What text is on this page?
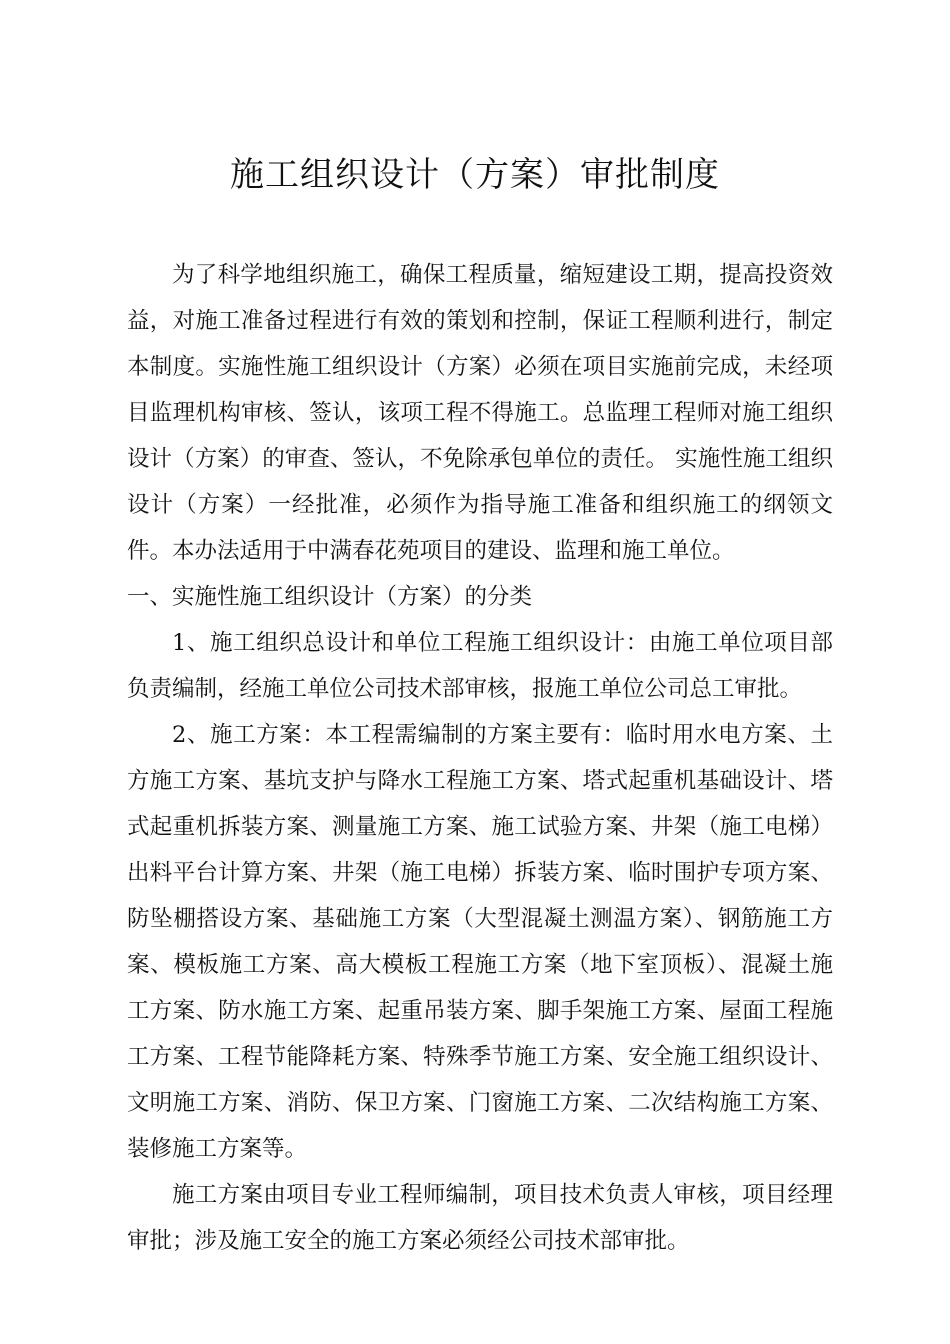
施工组织设计（方案）审批制度

为了科学地组织施工，确保工程质量，缩短建设工期，提高投资效益，对施工准备过程进行有效的策划和控制，保证工程顺利进行，制定本制度。实施性施工组织设计（方案）必须在项目实施前完成，未经项目监理机构审核、签认，该项工程不得施工。总监理工程师对施工组织设计（方案）的审查、签认，不免除承包单位的责任。 实施性施工组织设计（方案）一经批准，必须作为指导施工准备和组织施工的纲领文件。本办法适用于中满春花苑项目的建设、监理和施工单位。

一、实施性施工组织设计（方案）的分类

1、施工组织总设计和单位工程施工组织设计：由施工单位项目部负责编制，经施工单位公司技术部审核，报施工单位公司总工审批。

2、施工方案：本工程需编制的方案主要有：临时用水电方案、土方施工方案、基坑支护与降水工程施工方案、塔式起重机基础设计、塔式起重机拆装方案、测量施工方案、施工试验方案、井架（施工电梯）出料平台计算方案、井架（施工电梯）拆装方案、临时围护专项方案、防坠棚搭设方案、基础施工方案（大型混凝土测温方案）、钢筋施工方案、模板施工方案、高大模板工程施工方案（地下室顶板）、混凝土施工方案、防水施工方案、起重吊装方案、脚手架施工方案、屋面工程施工方案、工程节能降耗方案、特殊季节施工方案、安全施工组织设计、文明施工方案、消防、保卫方案、门窗施工方案、二次结构施工方案、装修施工方案等。

施工方案由项目专业工程师编制，项目技术负责人审核，项目经理审批；涉及施工安全的施工方案必须经公司技术部审批。
